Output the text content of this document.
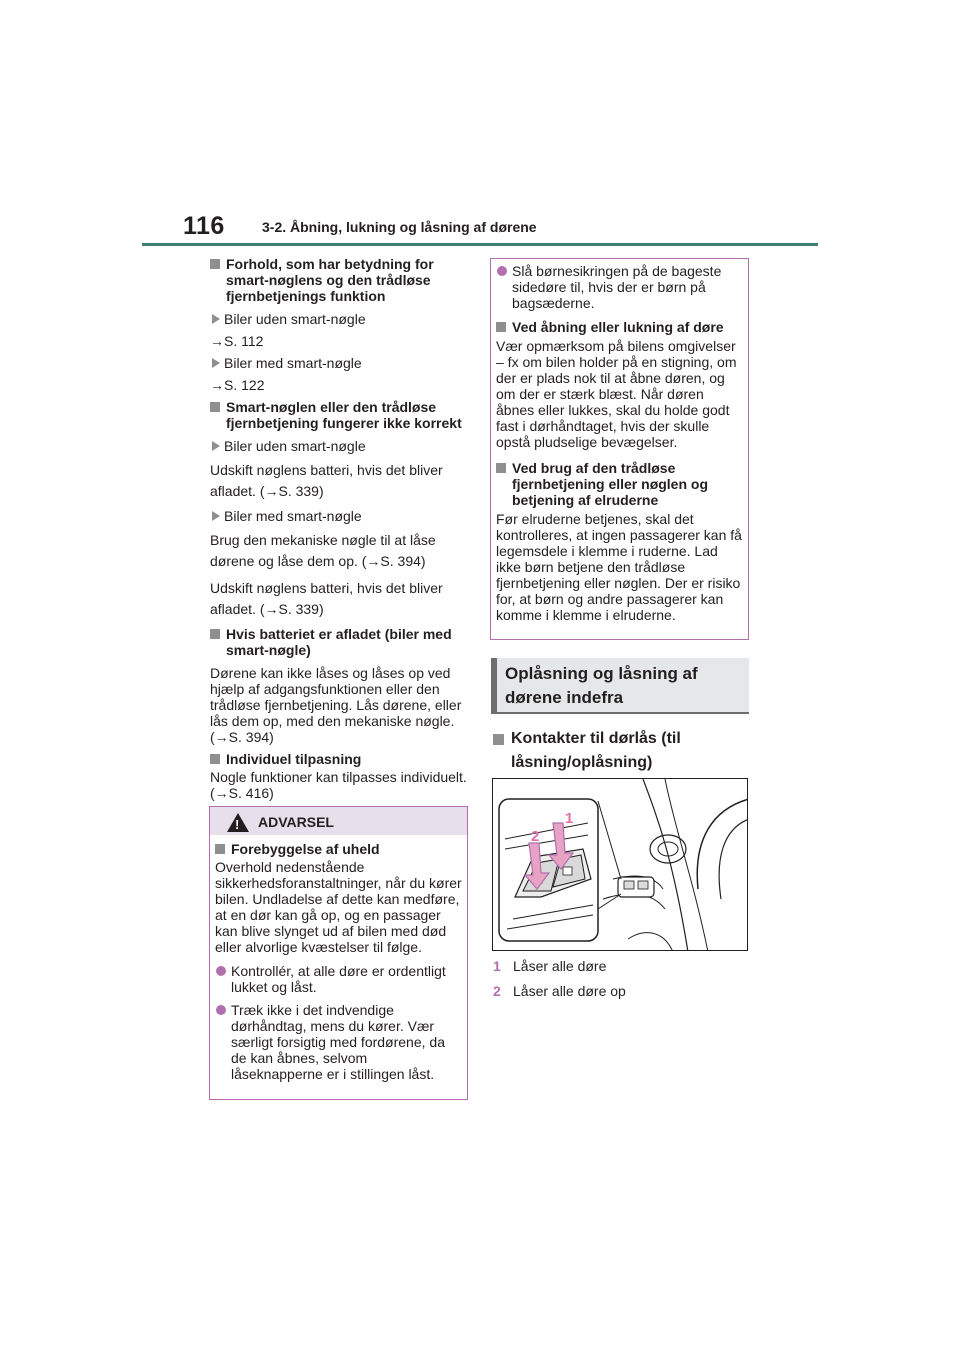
116	3-2. Åbning, lukning og låsning af dørene

Forhold, som har betydning for smart-nøglens og den trådløse fjernbetjenings funktion

Biler uden smart-nøgle

→S. 112

Biler med smart-nøgle

→S. 122

Smart-nøglen eller den trådløse fjernbetjening fungerer ikke korrekt

Biler uden smart-nøgle

Udskift nøglens batteri, hvis det bliver afladet. (→S. 339)

Biler med smart-nøgle

Brug den mekaniske nøgle til at låse dørene og låse dem op. (→S. 394)

Udskift nøglens batteri, hvis det bliver afladet. (→S. 339)

Hvis batteriet er afladet (biler med smart-nøgle)

Dørene kan ikke låses og låses op ved hjælp af adgangsfunktionen eller den trådløse fjernbetjening. Lås dørene, eller lås dem op, med den mekaniske nøgle. (→S. 394)

Individuel tilpasning

Nogle funktioner kan tilpasses individuelt. (→S. 416)

!
ADVARSEL

Forebyggelse af uheld

Overhold nedenstående sikkerhedsforanstaltninger, når du kører bilen. Undladelse af dette kan medføre, at en dør kan gå op, og en passager kan blive slynget ud af bilen med død eller alvorlige kvæstelser til følge.

Kontrollér, at alle døre er ordentligt lukket og låst.

Træk ikke i det indvendige dørhåndtag, mens du kører. Vær særligt forsigtig med fordørene, da de kan åbnes, selvom låseknapperne er i stillingen låst.

Slå børnesikringen på de bageste sidedøre til, hvis der er børn på bagsæderne.

Ved åbning eller lukning af døre

Vær opmærksom på bilens omgivelser – fx om bilen holder på en stigning, om der er plads nok til at åbne døren, og om der er stærk blæst. Når døren åbnes eller lukkes, skal du holde godt fast i dørhåndtaget, hvis der skulle opstå pludselige bevægelser.

Ved brug af den trådløse fjernbetjening eller nøglen og betjening af elruderne

Før elruderne betjenes, skal det kontrolleres, at ingen passagerer kan få legemsdele i klemme i ruderne. Lad ikke børn betjene den trådløse fjernbetjening eller nøglen. Der er risiko for, at børn og andre passagerer kan komme i klemme i elruderne.

Oplåsning og låsning af dørene indefra
Kontakter til dørlås (til låsning/oplåsning)
1
2
1 Låser alle døre
2 Låser alle døre op
